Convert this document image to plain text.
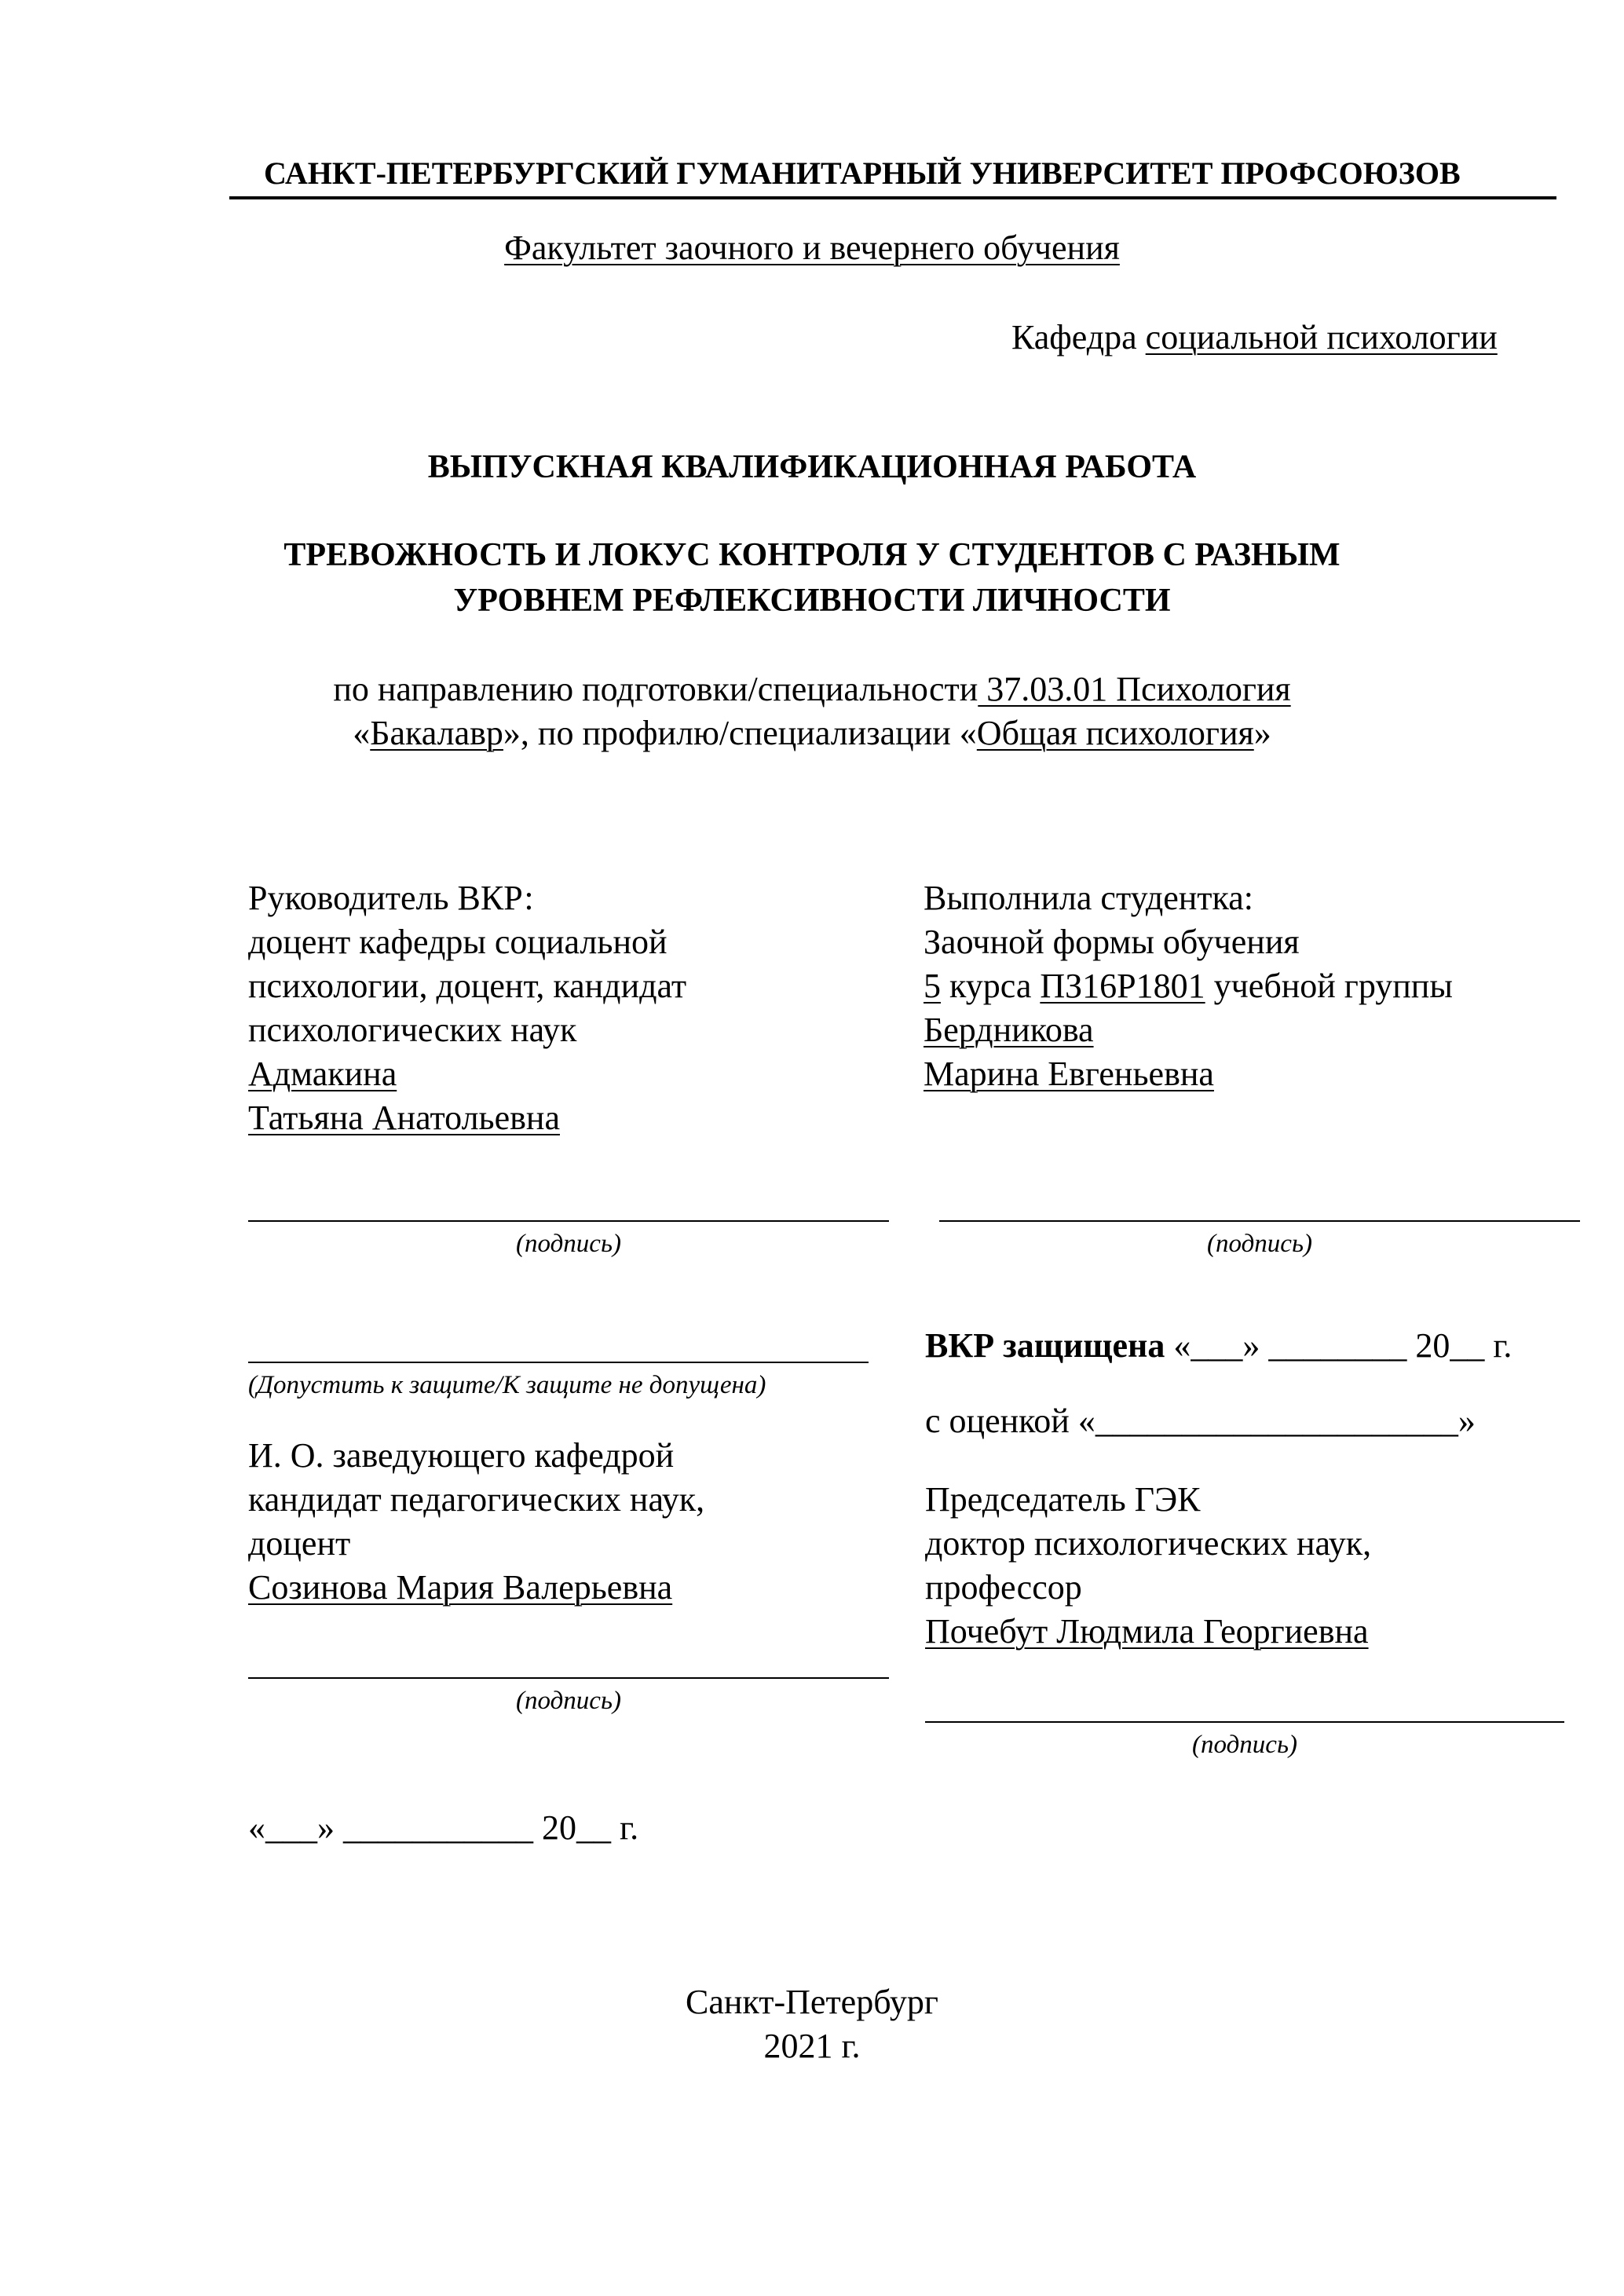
САНКТ-ПЕТЕРБУРГСКИЙ ГУМАНИТАРНЫЙ УНИВЕРСИТЕТ ПРОФСОЮЗОВ

Факультет заочного и вечернего обучения

Кафедра социальной психологии

ВЫПУСКНАЯ КВАЛИФИКАЦИОННАЯ РАБОТА

ТРЕВОЖНОСТЬ И ЛОКУС КОНТРОЛЯ У СТУДЕНТОВ С РАЗНЫМ

УРОВНЕМ РЕФЛЕКСИВНОСТИ ЛИЧНОСТИ

по направлению подготовки/специальности 37.03.01 Психология

«Бакалавр», по профилю/специализации «Общая психология»

Руководитель ВКР:
доцент кафедры социальной
психологии, доцент, кандидат
психологических наук
Адмакина
Татьяна Анатольевна
Выполнила студентка:
Заочной формы обучения
5 курса ПЗ16Р1801 учебной группы
Бердникова
Марина Евгеньевна

(подпись)	(подпись)

(Допустить к защите/К защите не допущена)

И. О. заведующего кафедрой
кандидат педагогических наук,
доцент
Созинова Мария Валерьевна

(подпись)

«___» ___________ 20__ г.

ВКР защищена «___» ________ 20__ г.

с оценкой «_____________________»

Председатель ГЭК
доктор психологических наук,
профессор
Почебут Людмила Георгиевна

(подпись)

Санкт-Петербург

2021 г.
